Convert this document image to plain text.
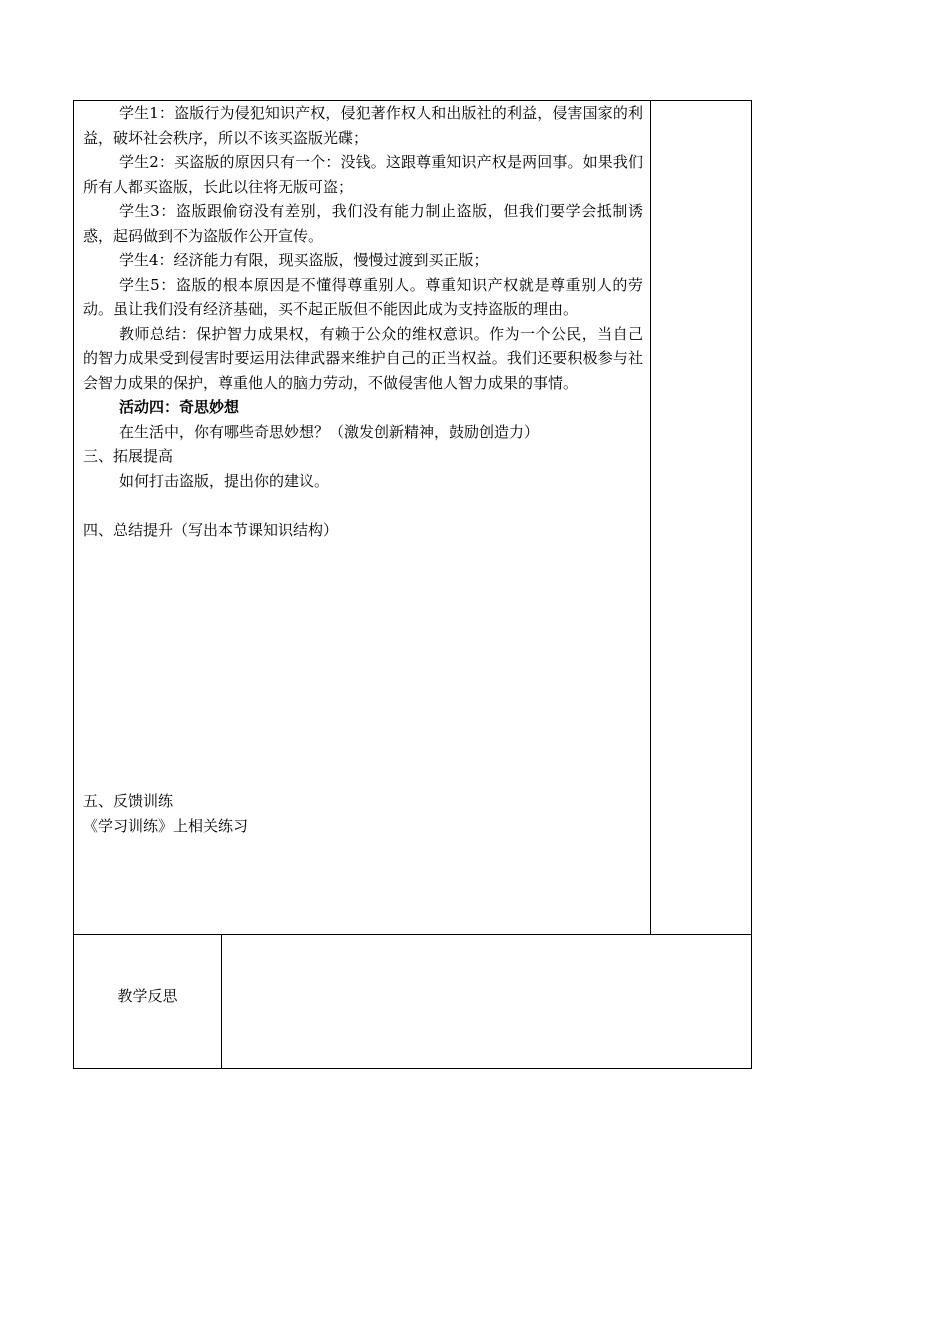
学生1：盗版行为侵犯知识产权，侵犯著作权人和出版社的利益，侵害国家的利益，破坏社会秩序，所以不该买盗版光碟；

学生2：买盗版的原因只有一个：没钱。这跟尊重知识产权是两回事。如果我们所有人都买盗版，长此以往将无版可盗；

学生3：盗版跟偷窃没有差别，我们没有能力制止盗版，但我们要学会抵制诱惑，起码做到不为盗版作公开宣传。

学生4：经济能力有限，现买盗版，慢慢过渡到买正版；

学生5：盗版的根本原因是不懂得尊重别人。尊重知识产权就是尊重别人的劳动。虽让我们没有经济基础，买不起正版但不能因此成为支持盗版的理由。

教师总结：保护智力成果权，有赖于公众的维权意识。作为一个公民，当自己的智力成果受到侵害时要运用法律武器来维护自己的正当权益。我们还要积极参与社会智力成果的保护，尊重他人的脑力劳动，不做侵害他人智力成果的事情。

活动四：奇思妙想

在生活中，你有哪些奇思妙想？（激发创新精神，鼓励创造力）

三、拓展提高

如何打击盗版，提出你的建议。

四、总结提升（写出本节课知识结构）

五、反馈训练

《学习训练》上相关练习

教学反思
